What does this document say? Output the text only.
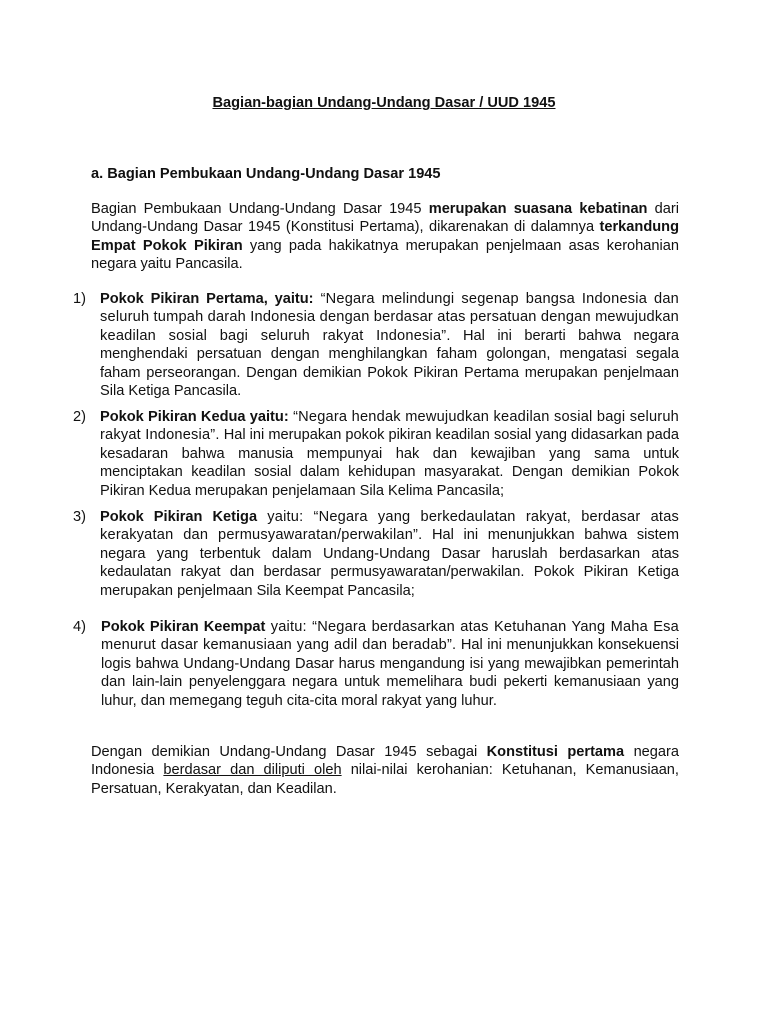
Bagian-bagian Undang-Undang Dasar / UUD 1945
a. Bagian Pembukaan Undang-Undang Dasar 1945
Bagian Pembukaan Undang-Undang Dasar 1945 merupakan suasana kebatinan dari Undang-Undang Dasar 1945 (Konstitusi Pertama), dikarenakan di dalamnya terkandung Empat Pokok Pikiran yang pada hakikatnya merupakan penjelmaan asas kerohanian negara yaitu Pancasila.
1) Pokok Pikiran Pertama, yaitu: “Negara melindungi segenap bangsa Indonesia dan seluruh tumpah darah Indonesia dengan berdasar atas persatuan dengan mewujudkan keadilan sosial bagi seluruh rakyat Indonesia”. Hal ini berarti bahwa negara menghendaki persatuan dengan menghilangkan faham golongan, mengatasi segala faham perseorangan. Dengan demikian Pokok Pikiran Pertama merupakan penjelmaan Sila Ketiga Pancasila.
2) Pokok Pikiran Kedua yaitu: “Negara hendak mewujudkan keadilan sosial bagi seluruh rakyat Indonesia”. Hal ini merupakan pokok pikiran keadilan sosial yang didasarkan pada kesadaran bahwa manusia mempunyai hak dan kewajiban yang sama untuk menciptakan keadilan sosial dalam kehidupan masyarakat. Dengan demikian Pokok Pikiran Kedua merupakan penjelamaan Sila Kelima Pancasila;
3) Pokok Pikiran Ketiga yaitu: “Negara yang berkedaulatan rakyat, berdasar atas kerakyatan dan permusyawaratan/perwakilan”. Hal ini menunjukkan bahwa sistem negara yang terbentuk dalam Undang-Undang Dasar haruslah berdasarkan atas kedaulatan rakyat dan berdasar permusyawaratan/perwakilan. Pokok Pikiran Ketiga merupakan penjelmaan Sila Keempat Pancasila;
4) Pokok Pikiran Keempat yaitu: “Negara berdasarkan atas Ketuhanan Yang Maha Esa menurut dasar kemanusiaan yang adil dan beradab”. Hal ini menunjukkan konsekuensi logis bahwa Undang-Undang Dasar harus mengandung isi yang mewajibkan pemerintah dan lain-lain penyelenggara negara untuk memelihara budi pekerti kemanusiaan yang luhur, dan memegang teguh cita-cita moral rakyat yang luhur.
Dengan demikian Undang-Undang Dasar 1945 sebagai Konstitusi pertama negara Indonesia berdasar dan diliputi oleh nilai-nilai kerohanian: Ketuhanan, Kemanusiaan, Persatuan, Kerakyatan, dan Keadilan.
